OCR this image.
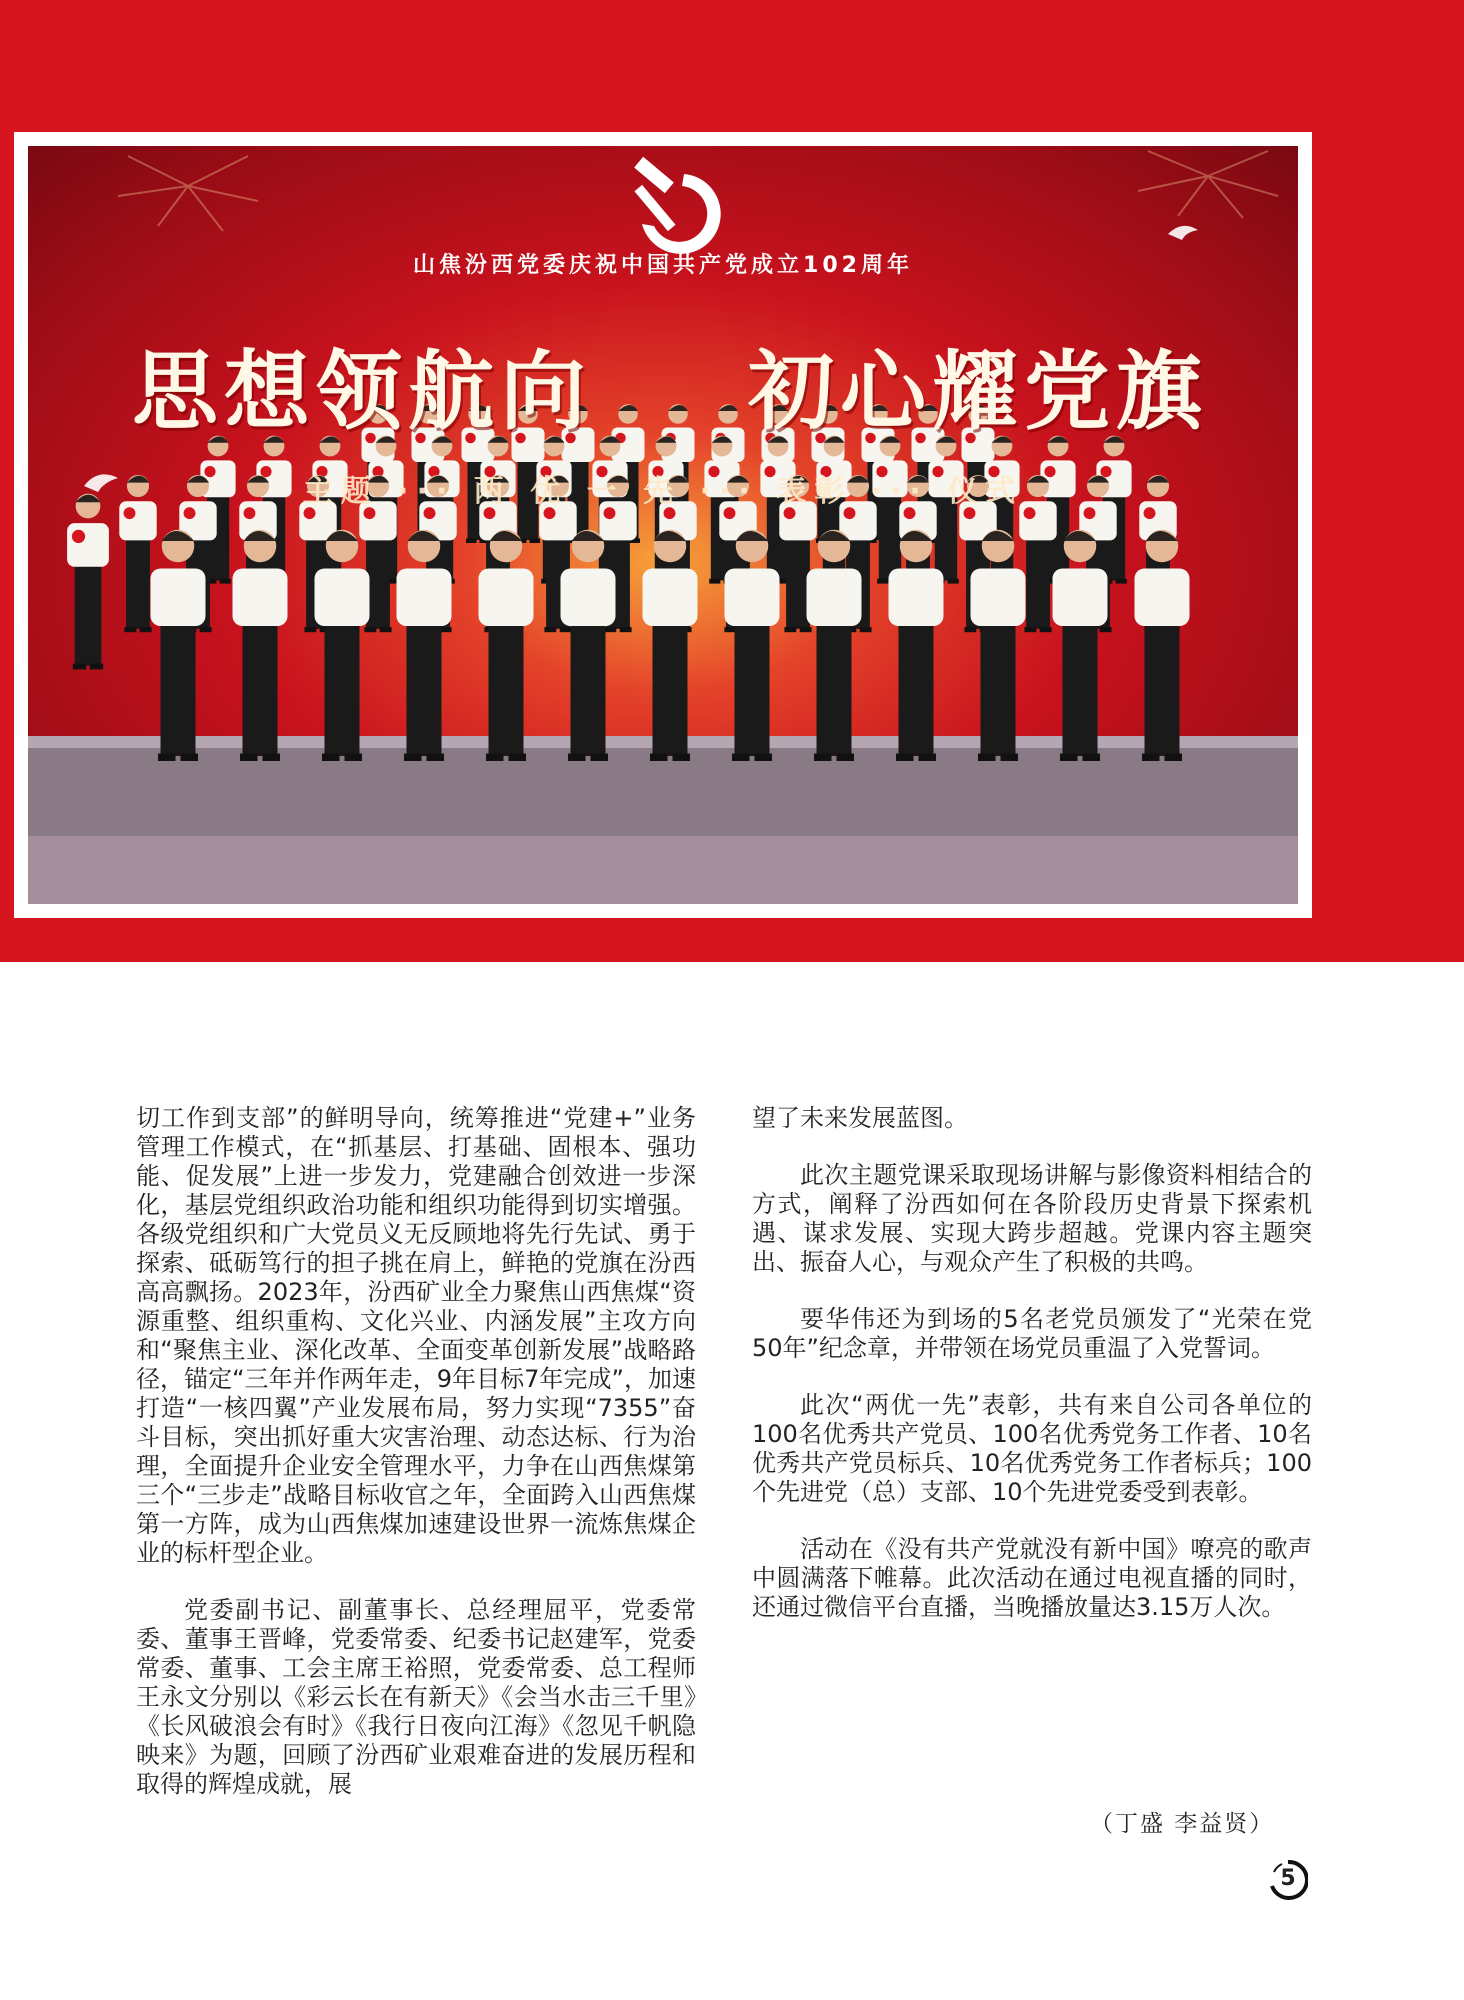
山焦汾西党委庆祝中国共产党成立102周年
思想领航向 初心耀党旗
主题 ··· 两 优 一 先 ··· 表彰 ··· 仪式

切工作到支部”的鲜明导向，统筹推进“党建+”业务管理工作模式，在“抓基层、打基础、固根本、强功能、促发展”上进一步发力，党建融合创效进一步深化，基层党组织政治功能和组织功能得到切实增强。各级党组织和广大党员义无反顾地将先行先试、勇于探索、砥砺笃行的担子挑在肩上，鲜艳的党旗在汾西高高飘扬。2023年，汾西矿业全力聚焦山西焦煤“资源重整、组织重构、文化兴业、内涵发展”主攻方向和“聚焦主业、深化改革、全面变革创新发展”战略路径，锚定“三年并作两年走，9年目标7年完成”，加速打造“一核四翼”产业发展布局，努力实现“7355”奋斗目标，突出抓好重大灾害治理、动态达标、行为治理，全面提升企业安全管理水平，力争在山西焦煤第三个“三步走”战略目标收官之年，全面跨入山西焦煤第一方阵，成为山西焦煤加速建设世界一流炼焦煤企业的标杆型企业。

党委副书记、副董事长、总经理屈平，党委常委、董事王晋峰，党委常委、纪委书记赵建军，党委常委、董事、工会主席王裕照，党委常委、总工程师王永文分别以《彩云长在有新天》《会当水击三千里》《长风破浪会有时》《我行日夜向江海》《忽见千帆隐映来》为题，回顾了汾西矿业艰难奋进的发展历程和取得的辉煌成就，展

望了未来发展蓝图。

此次主题党课采取现场讲解与影像资料相结合的方式，阐释了汾西如何在各阶段历史背景下探索机遇、谋求发展、实现大跨步超越。党课内容主题突出、振奋人心，与观众产生了积极的共鸣。

要华伟还为到场的5名老党员颁发了“光荣在党50年”纪念章，并带领在场党员重温了入党誓词。

此次“两优一先”表彰，共有来自公司各单位的100名优秀共产党员、100名优秀党务工作者、10名优秀共产党员标兵、10名优秀党务工作者标兵；100个先进党（总）支部、10个先进党委受到表彰。

活动在《没有共产党就没有新中国》嘹亮的歌声中圆满落下帷幕。此次活动在通过电视直播的同时，还通过微信平台直播，当晚播放量达3.15万人次。

（丁盛 李益贤）
5
